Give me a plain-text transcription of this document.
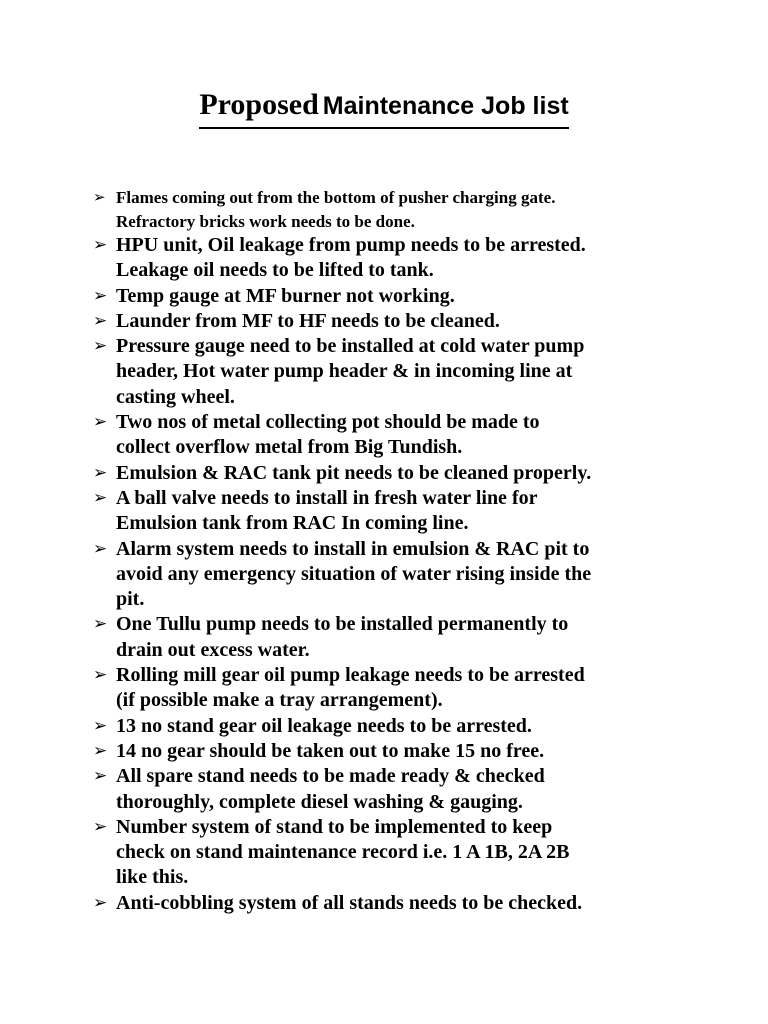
Proposed Maintenance Job list
➢ Flames coming out from the bottom of pusher charging gate.
Refractory bricks work needs to be done.
➢ HPU unit, Oil leakage from pump needs to be arrested.
Leakage oil needs to be lifted to tank.
➢ Temp gauge at MF burner not working.
➢ Launder from MF to HF needs to be cleaned.
➢ Pressure gauge need to be installed at cold water pump
header, Hot water pump header & in incoming line at
casting wheel.
➢ Two nos of metal collecting pot should be made to
collect overflow metal from Big Tundish.
➢ Emulsion & RAC tank pit needs to be cleaned properly.
➢ A ball valve needs to install in fresh water line for
Emulsion tank from RAC In coming line.
➢ Alarm system needs to install in emulsion & RAC pit to
avoid any emergency situation of water rising inside the
pit.
➢ One Tullu pump needs to be installed permanently to
drain out excess water.
➢ Rolling mill gear oil pump leakage needs to be arrested
(if possible make a tray arrangement).
➢ 13 no stand gear oil leakage needs to be arrested.
➢ 14 no gear should be taken out to make 15 no free.
➢ All spare stand needs to be made ready & checked
thoroughly, complete diesel washing & gauging.
➢ Number system of stand to be implemented to keep
check on stand maintenance record i.e. 1 A 1B, 2A 2B
like this.
➢ Anti-cobbling system of all stands needs to be checked.
